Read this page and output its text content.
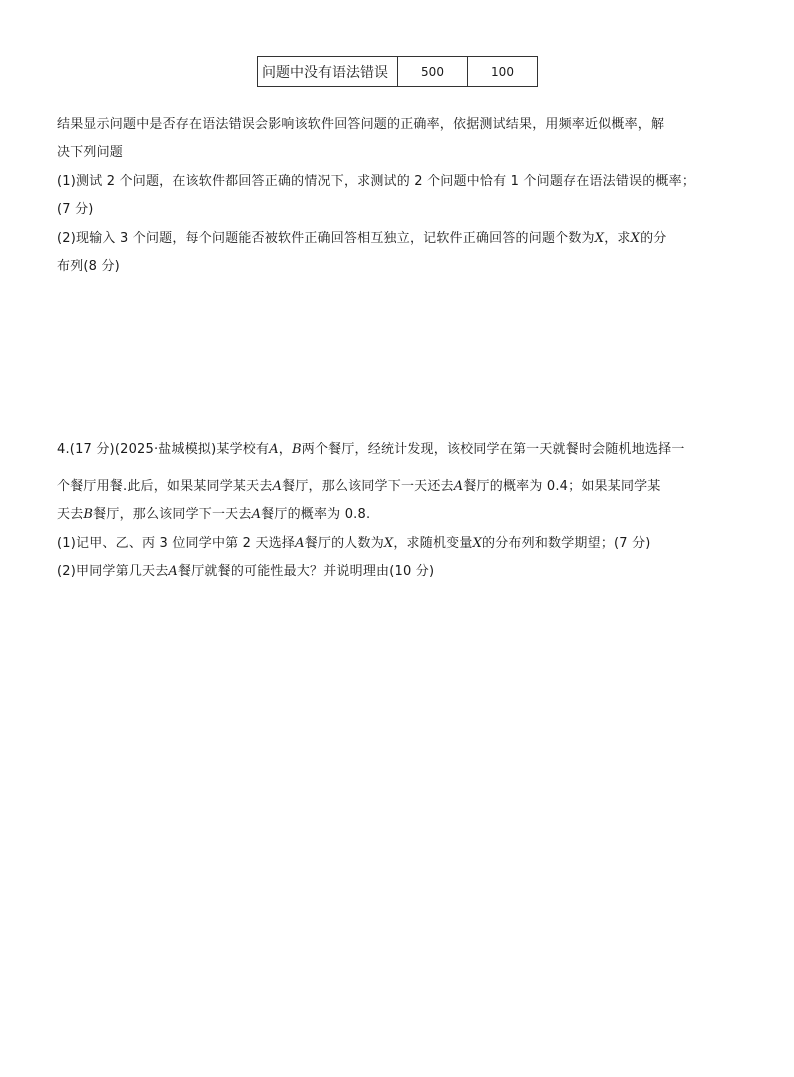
问题中没有语法错误	500	100
结果显示问题中是否存在语法错误会影响该软件回答问题的正确率，依据测试结果，用频率近似概率，解
决下列问题
(1)测试 2 个问题，在该软件都回答正确的情况下，求测试的 2 个问题中恰有 1 个问题存在语法错误的概率；
(7 分)
(2)现输入 3 个问题，每个问题能否被软件正确回答相互独立，记软件正确回答的问题个数为X，求X的分
布列(8 分)
4.(17 分)(2025·盐城模拟)某学校有A，B两个餐厅，经统计发现，该校同学在第一天就餐时会随机地选择一
个餐厅用餐.此后，如果某同学某天去A餐厅，那么该同学下一天还去A餐厅的概率为 0.4；如果某同学某
天去B餐厅，那么该同学下一天去A餐厅的概率为 0.8.
(1)记甲、乙、丙 3 位同学中第 2 天选择A餐厅的人数为X，求随机变量X的分布列和数学期望；(7 分)
(2)甲同学第几天去A餐厅就餐的可能性最大？并说明理由(10 分)
